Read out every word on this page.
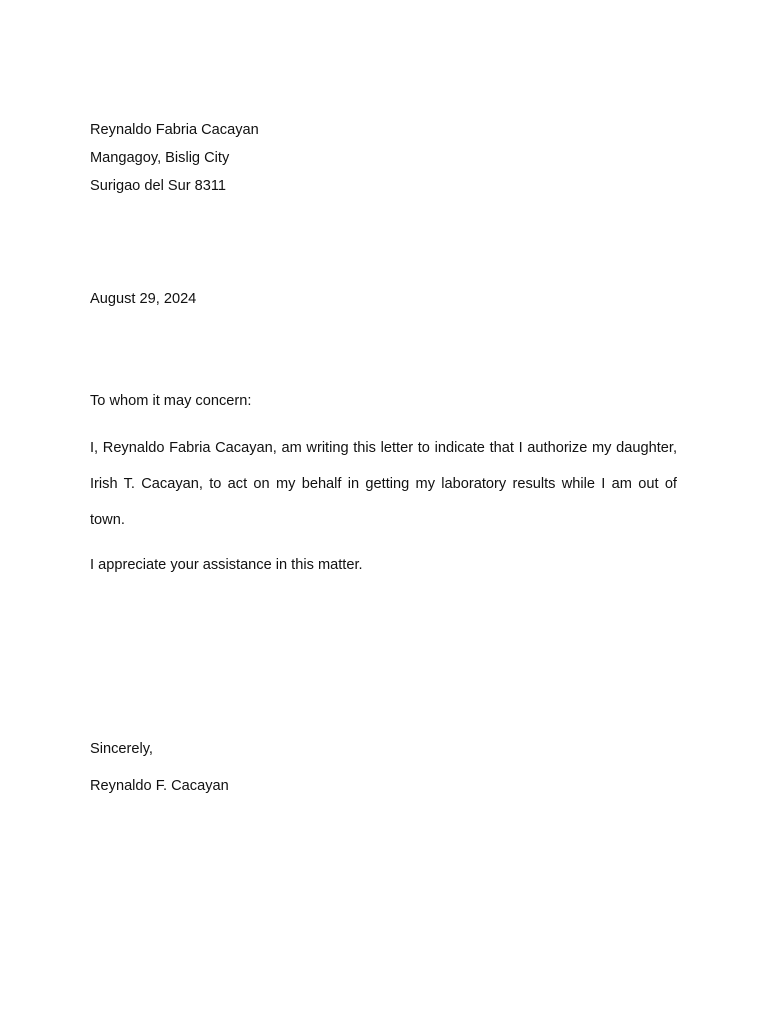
Reynaldo Fabria Cacayan
Mangagoy, Bislig City
Surigao del Sur 8311
August 29, 2024
To whom it may concern:
I, Reynaldo Fabria Cacayan, am writing this letter to indicate that I authorize my daughter, Irish T. Cacayan, to act on my behalf in getting my laboratory results while I am out of town.
I appreciate your assistance in this matter.
Sincerely,
Reynaldo F. Cacayan
